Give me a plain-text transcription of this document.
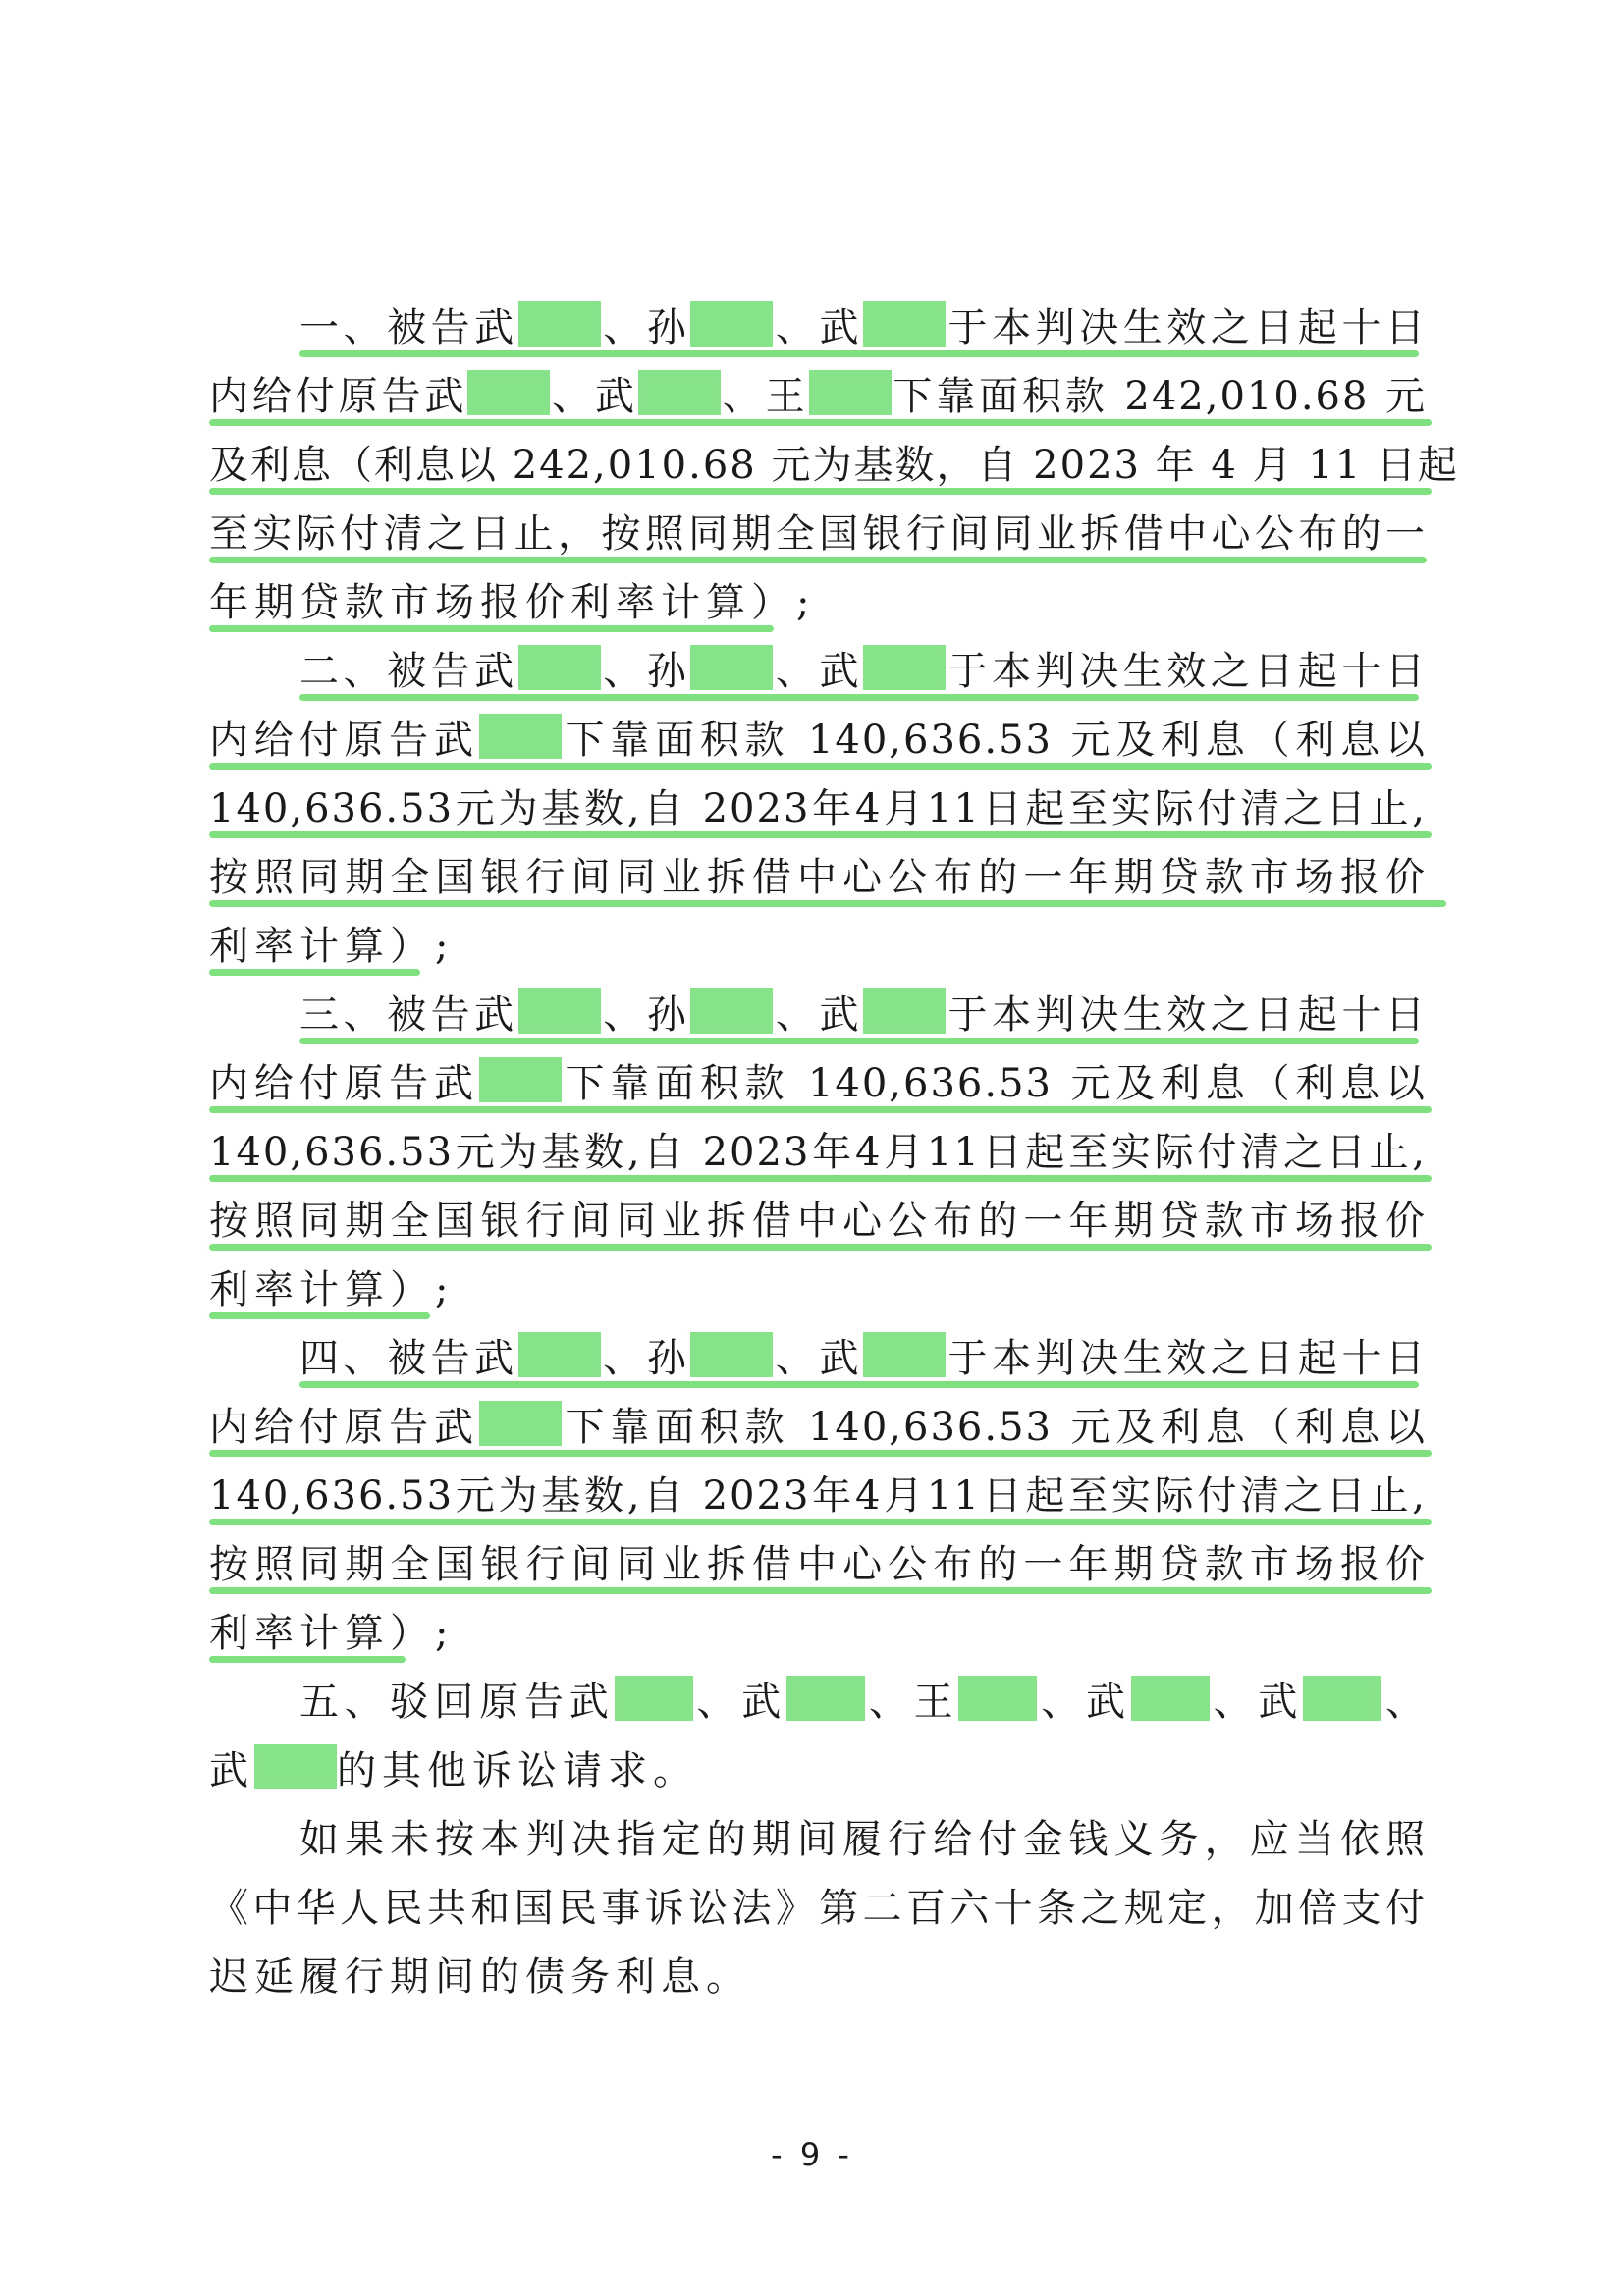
一、被告武 、孙 、武 于本判决生效之日起十日
内给付原告武 、武 、王 下靠面积款 242,010.68 元
及利息（利息以 242,010.68 元为基数，自 2023 年 4 月 11 日起
至实际付清之日止，按照同期全国银行间同业拆借中心公布的一
年期贷款市场报价利率计算）;
二、被告武 、孙 、武 于本判决生效之日起十日
内给付原告武 下靠面积款 140,636.53 元及利息（利息以
140,636.53元为基数,自 2023年4月11日起至实际付清之日止,
按照同期全国银行间同业拆借中心公布的一年期贷款市场报价
利率计算）;
三、被告武 、孙 、武 于本判决生效之日起十日
内给付原告武 下靠面积款 140,636.53 元及利息（利息以
140,636.53元为基数,自 2023年4月11日起至实际付清之日止,
按照同期全国银行间同业拆借中心公布的一年期贷款市场报价
利率计算）;
四、被告武 、孙 、武 于本判决生效之日起十日
内给付原告武 下靠面积款 140,636.53 元及利息（利息以
140,636.53元为基数,自 2023年4月11日起至实际付清之日止,
按照同期全国银行间同业拆借中心公布的一年期贷款市场报价
利率计算）;
五、驳回原告武 、武 、王 、武 、武 、
武 的其他诉讼请求。
如果未按本判决指定的期间履行给付金钱义务，应当依照
《中华人民共和国民事诉讼法》第二百六十条之规定，加倍支付
迟延履行期间的债务利息。
- 9 -
